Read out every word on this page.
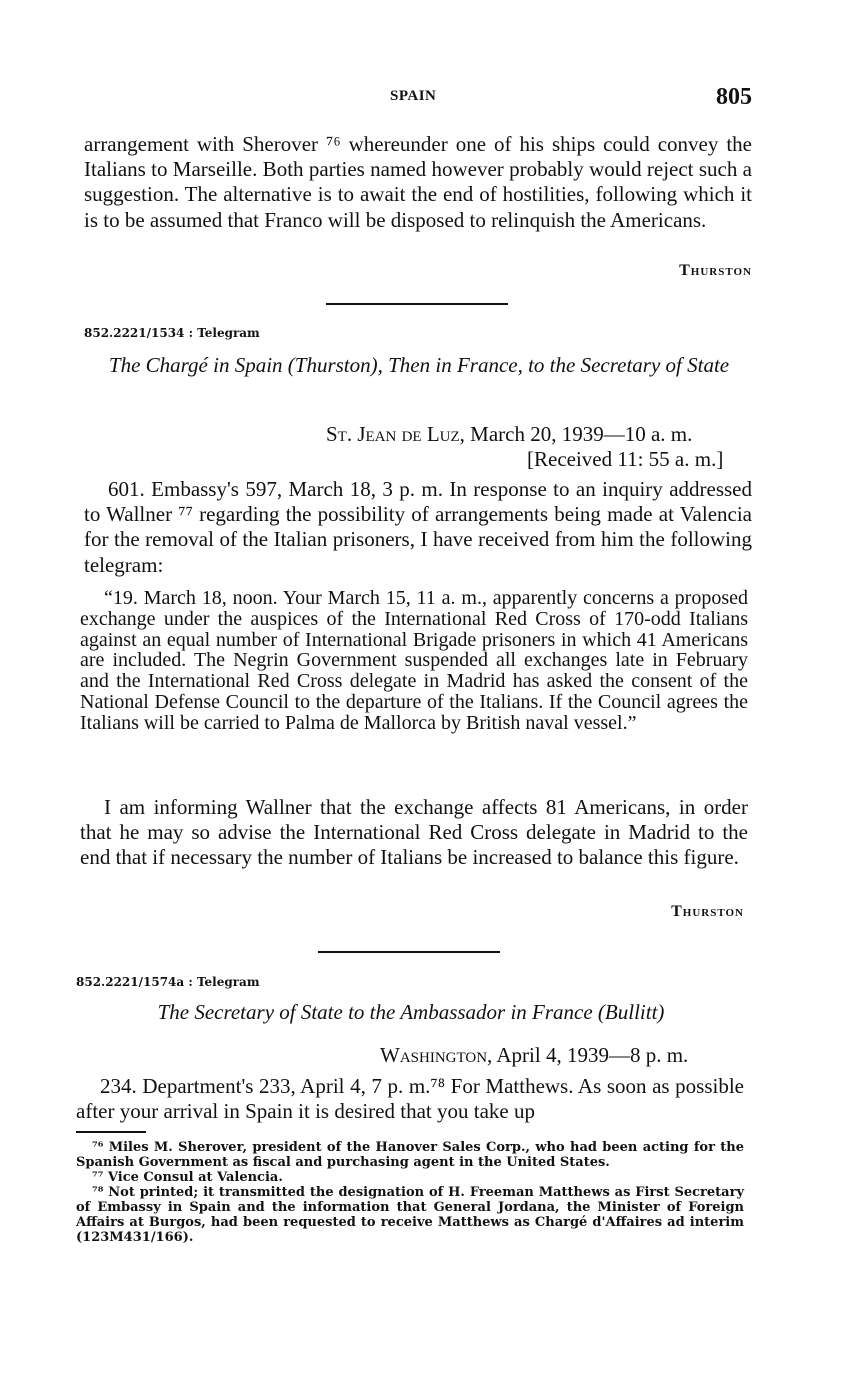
SPAIN	805

arrangement with Sherover ⁷⁶ whereunder one of his ships could convey the Italians to Marseille. Both parties named however probably would reject such a suggestion. The alternative is to await the end of hostilities, following which it is to be assumed that Franco will be disposed to relinquish the Americans.

Thurston
852.2221/1534 : Telegram
The Chargé in Spain (Thurston), Then in France, to the Secretary of State
St. Jean de Luz, March 20, 1939—10 a. m.
[Received 11: 55 a. m.]

601. Embassy's 597, March 18, 3 p. m. In response to an inquiry addressed to Wallner ⁷⁷ regarding the possibility of arrangements being made at Valencia for the removal of the Italian prisoners, I have received from him the following telegram:

“19. March 18, noon. Your March 15, 11 a. m., apparently concerns a proposed exchange under the auspices of the International Red Cross of 170-odd Italians against an equal number of International Brigade prisoners in which 41 Americans are included. The Negrin Government suspended all exchanges late in February and the International Red Cross delegate in Madrid has asked the consent of the National Defense Council to the departure of the Italians. If the Council agrees the Italians will be carried to Palma de Mallorca by British naval vessel.”

I am informing Wallner that the exchange affects 81 Americans, in order that he may so advise the International Red Cross delegate in Madrid to the end that if necessary the number of Italians be increased to balance this figure.

Thurston
852.2221/1574a : Telegram
The Secretary of State to the Ambassador in France (Bullitt)
Washington, April 4, 1939—8 p. m.

234. Department's 233, April 4, 7 p. m.⁷⁸ For Matthews. As soon as possible after your arrival in Spain it is desired that you take up

⁷⁶ Miles M. Sherover, president of the Hanover Sales Corp., who had been acting for the Spanish Government as fiscal and purchasing agent in the United States.

⁷⁷ Vice Consul at Valencia.

⁷⁸ Not printed; it transmitted the designation of H. Freeman Matthews as First Secretary of Embassy in Spain and the information that General Jordana, the Minister of Foreign Affairs at Burgos, had been requested to receive Matthews as Chargé d'Affaires ad interim (123M431/166).
